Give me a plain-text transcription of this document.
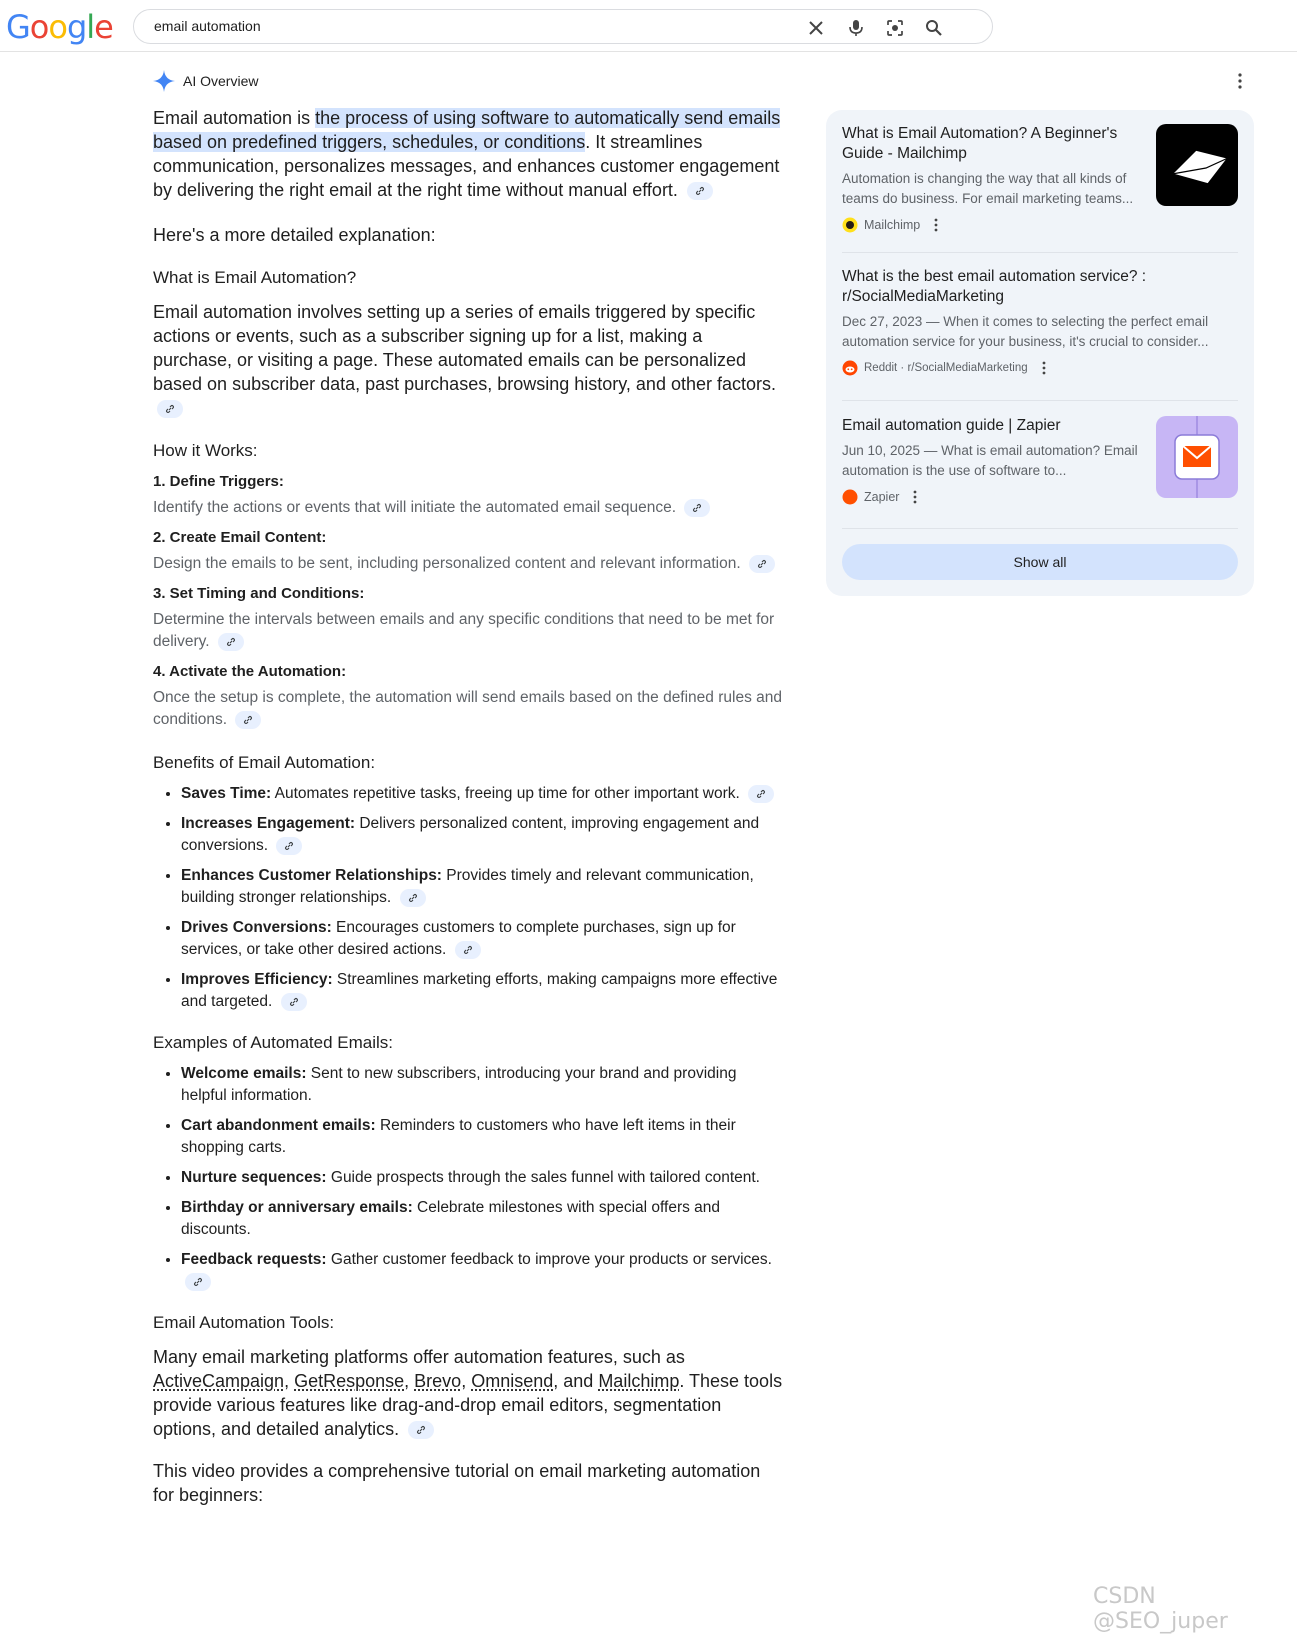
Google	email automation
AI Overview

Email automation is the process of using software to automatically send emails based on predefined triggers, schedules, or conditions. It streamlines communication, personalizes messages, and enhances customer engagement by delivering the right email at the right time without manual effort.

Here's a more detailed explanation:

What is Email Automation?

Email automation involves setting up a series of emails triggered by specific actions or events, such as a subscriber signing up for a list, making a purchase, or visiting a page. These automated emails can be personalized based on subscriber data, past purchases, browsing history, and other factors.

How it Works:

1. Define Triggers:

Identify the actions or events that will initiate the automated email sequence.

2. Create Email Content:

Design the emails to be sent, including personalized content and relevant information.

3. Set Timing and Conditions:

Determine the intervals between emails and any specific conditions that need to be met for delivery.

4. Activate the Automation:

Once the setup is complete, the automation will send emails based on the defined rules and conditions.

Benefits of Email Automation:

• Saves Time: Automates repetitive tasks, freeing up time for other important work.
• Increases Engagement: Delivers personalized content, improving engagement and conversions.
• Enhances Customer Relationships: Provides timely and relevant communication, building stronger relationships.
• Drives Conversions: Encourages customers to complete purchases, sign up for services, or take other desired actions.
• Improves Efficiency: Streamlines marketing efforts, making campaigns more effective and targeted.

Examples of Automated Emails:

• Welcome emails: Sent to new subscribers, introducing your brand and providing helpful information.
• Cart abandonment emails: Reminders to customers who have left items in their shopping carts.
• Nurture sequences: Guide prospects through the sales funnel with tailored content.
• Birthday or anniversary emails: Celebrate milestones with special offers and discounts.
• Feedback requests: Gather customer feedback to improve your products or services.

Email Automation Tools:

Many email marketing platforms offer automation features, such as ActiveCampaign, GetResponse, Brevo, Omnisend, and Mailchimp. These tools provide various features like drag-and-drop email editors, segmentation options, and detailed analytics.

This video provides a comprehensive tutorial on email marketing automation for beginners:

What is Email Automation? A Beginner's Guide - Mailchimp

Automation is changing the way that all kinds of teams do business. For email marketing teams...

Mailchimp

What is the best email automation service? : r/SocialMediaMarketing

Dec 27, 2023 — When it comes to selecting the perfect email automation service for your business, it's crucial to consider...

Reddit · r/SocialMediaMarketing

Email automation guide | Zapier

Jun 10, 2025 — What is email automation? Email automation is the use of software to...

Zapier
Show all
CSDN @SEO_juper
